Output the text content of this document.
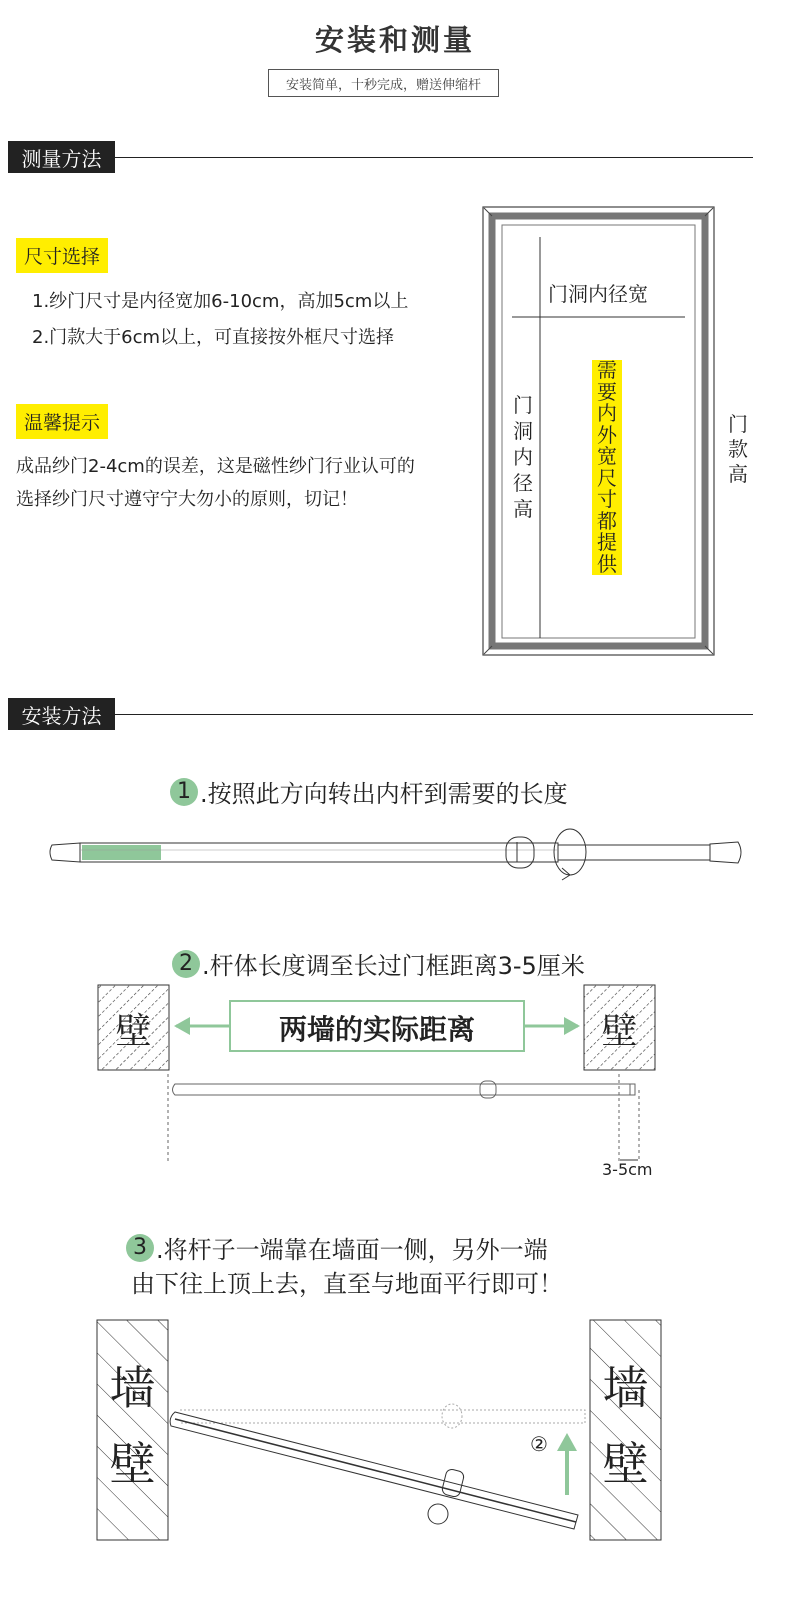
安装和测量
安装简单，十秒完成，赠送伸缩杆
测量方法
尺寸选择
1.纱门尺寸是内径宽加6-10cm，高加5cm以上
2.门款大于6cm以上，可直接按外框尺寸选择
温馨提示
成品纱门2-4cm的误差，这是磁性纱门行业认可的
选择纱门尺寸遵守宁大勿小的原则，切记！
门洞内径宽
门洞内径高
需要内外宽尺寸都提供
门款高
安装方法
1 .按照此方向转出内杆到需要的长度
2 .杆体长度调至长过门框距离3-5厘米
壁	壁
两墙的实际距离
3-5cm
3 .将杆子一端靠在墙面一侧，另外一端
由下往上顶上去，直至与地面平行即可！
墙
壁
墙
壁
②
